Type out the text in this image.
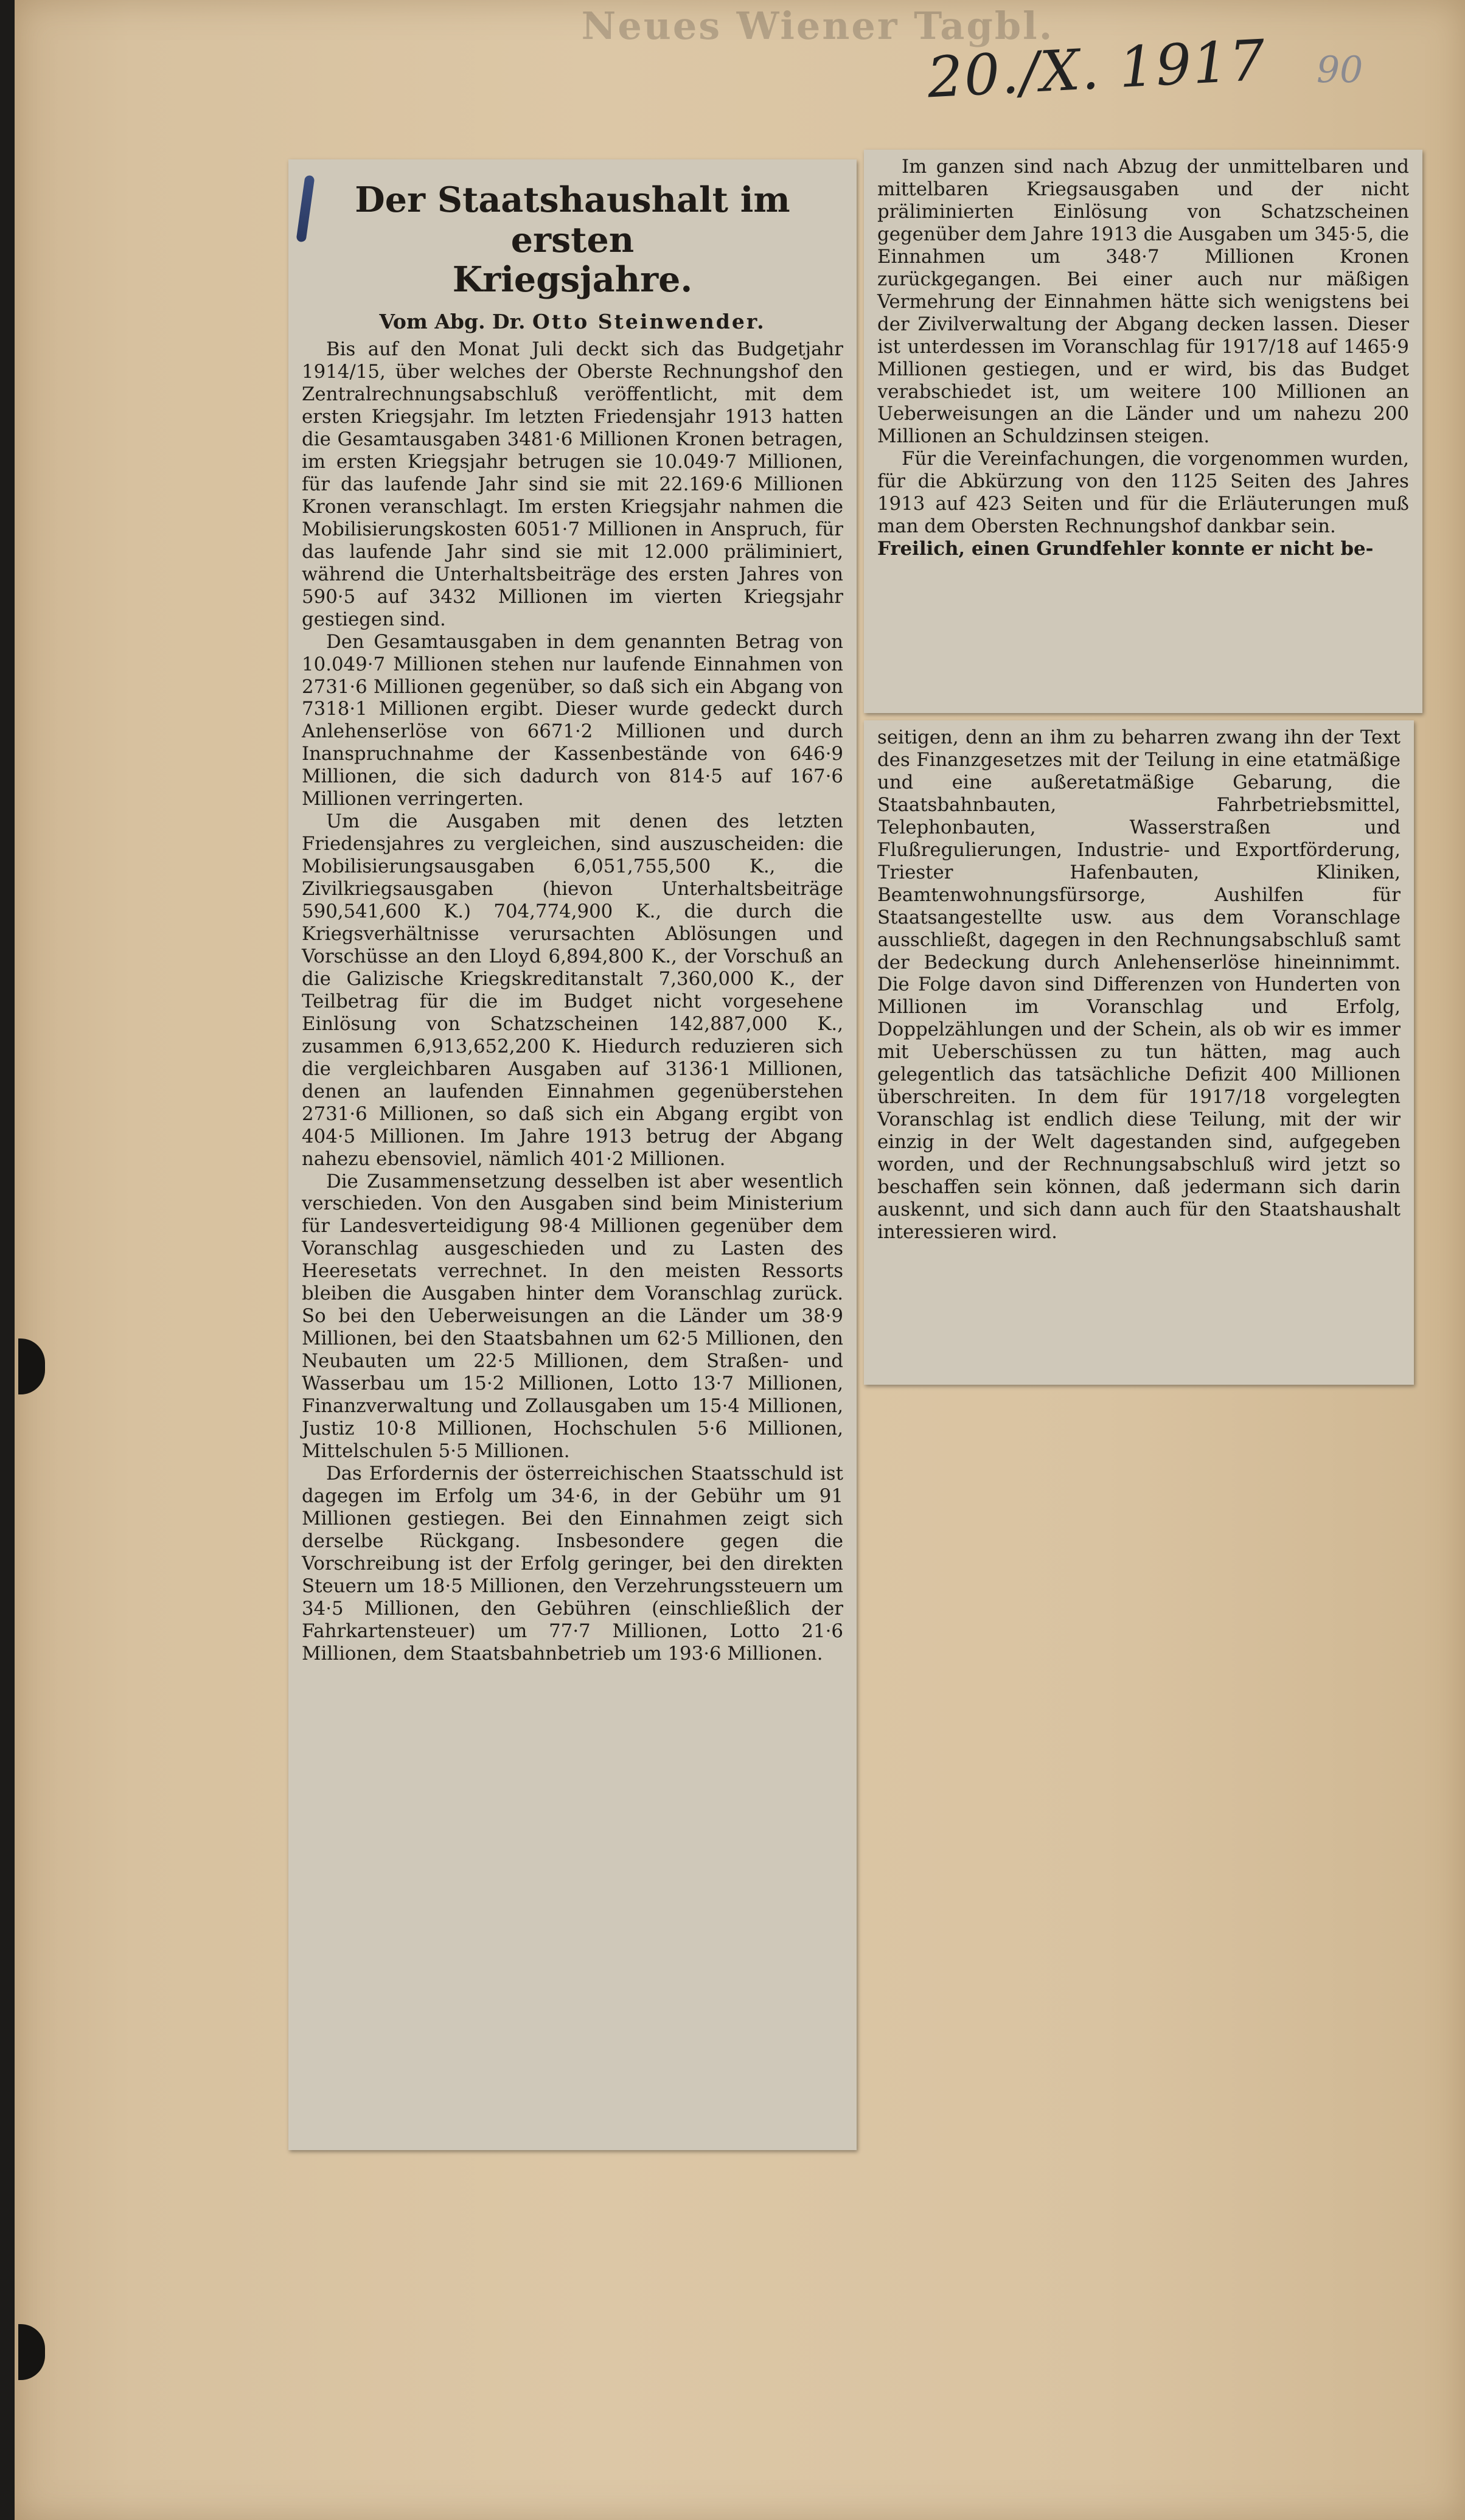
Neues Wiener Tagbl.
20./X. 1917 90
Der Staatshaushalt im ersten
Kriegsjahre.
Vom Abg. Dr. Otto Steinwender.

Bis auf den Monat Juli deckt sich das Budgetjahr 1914/15, über welches der Oberste Rechnungshof den Zentralrechnungsabschluß veröffentlicht, mit dem ersten Kriegsjahr. Im letzten Friedensjahr 1913 hatten die Gesamtausgaben 3481·6 Millionen Kronen betragen, im ersten Kriegsjahr betrugen sie 10.049·7 Millionen, für das laufende Jahr sind sie mit 22.169·6 Millionen Kronen veranschlagt. Im ersten Kriegsjahr nahmen die Mobilisierungskosten 6051·7 Millionen in Anspruch, für das laufende Jahr sind sie mit 12.000 präliminiert, während die Unterhaltsbeiträge des ersten Jahres von 590·5 auf 3432 Millionen im vierten Kriegsjahr gestiegen sind.

Den Gesamtausgaben in dem genannten Betrag von 10.049·7 Millionen stehen nur laufende Einnahmen von 2731·6 Millionen gegenüber, so daß sich ein Abgang von 7318·1 Millionen ergibt. Dieser wurde gedeckt durch Anlehenserlöse von 6671·2 Millionen und durch Inanspruchnahme der Kassenbestände von 646·9 Millionen, die sich dadurch von 814·5 auf 167·6 Millionen verringerten.

Um die Ausgaben mit denen des letzten Friedensjahres zu vergleichen, sind auszuscheiden: die Mobilisierungsausgaben 6,051,755,500 K., die Zivilkriegsausgaben (hievon Unterhaltsbeiträge 590,541,600 K.) 704,774,900 K., die durch die Kriegsverhältnisse verursachten Ablösungen und Vorschüsse an den Lloyd 6,894,800 K., der Vorschuß an die Galizische Kriegskreditanstalt 7,360,000 K., der Teilbetrag für die im Budget nicht vorgesehene Einlösung von Schatzscheinen 142,887,000 K., zusammen 6,913,652,200 K. Hiedurch reduzieren sich die vergleichbaren Ausgaben auf 3136·1 Millionen, denen an laufenden Einnahmen gegenüberstehen 2731·6 Millionen, so daß sich ein Abgang ergibt von 404·5 Millionen. Im Jahre 1913 betrug der Abgang nahezu ebensoviel, nämlich 401·2 Millionen.

Die Zusammensetzung desselben ist aber wesentlich verschieden. Von den Ausgaben sind beim Ministerium für Landesverteidigung 98·4 Millionen gegenüber dem Voranschlag ausgeschieden und zu Lasten des Heeresetats verrechnet. In den meisten Ressorts bleiben die Ausgaben hinter dem Voranschlag zurück. So bei den Ueberweisungen an die Länder um 38·9 Millionen, bei den Staatsbahnen um 62·5 Millionen, den Neubauten um 22·5 Millionen, dem Straßen- und Wasserbau um 15·2 Millionen, Lotto 13·7 Millionen, Finanzverwaltung und Zollausgaben um 15·4 Millionen, Justiz 10·8 Millionen, Hochschulen 5·6 Millionen, Mittelschulen 5·5 Millionen.

Das Erfordernis der österreichischen Staatsschuld ist dagegen im Erfolg um 34·6, in der Gebühr um 91 Millionen gestiegen. Bei den Einnahmen zeigt sich derselbe Rückgang. Insbesondere gegen die Vorschreibung ist der Erfolg geringer, bei den direkten Steuern um 18·5 Millionen, den Verzehrungssteuern um 34·5 Millionen, den Gebühren (einschließlich der Fahrkartensteuer) um 77·7 Millionen, Lotto 21·6 Millionen, dem Staatsbahnbetrieb um 193·6 Millionen.

Im ganzen sind nach Abzug der unmittelbaren und mittelbaren Kriegsausgaben und der nicht präliminierten Einlösung von Schatzscheinen gegenüber dem Jahre 1913 die Ausgaben um 345·5, die Einnahmen um 348·7 Millionen Kronen zurückgegangen. Bei einer auch nur mäßigen Vermehrung der Einnahmen hätte sich wenigstens bei der Zivilverwaltung der Abgang decken lassen. Dieser ist unterdessen im Voranschlag für 1917/18 auf 1465·9 Millionen gestiegen, und er wird, bis das Budget verabschiedet ist, um weitere 100 Millionen an Ueberweisungen an die Länder und um nahezu 200 Millionen an Schuldzinsen steigen.

Für die Vereinfachungen, die vorgenommen wurden, für die Abkürzung von den 1125 Seiten des Jahres 1913 auf 423 Seiten und für die Erläuterungen muß man dem Obersten Rechnungshof dankbar sein.

Freilich, einen Grundfehler konnte er nicht be-

seitigen, denn an ihm zu beharren zwang ihn der Text des Finanzgesetzes mit der Teilung in eine etatmäßige und eine außeretatmäßige Gebarung, die Staatsbahnbauten, Fahrbetriebsmittel, Telephonbauten, Wasserstraßen und Flußregulierungen, Industrie- und Exportförderung, Triester Hafenbauten, Kliniken, Beamtenwohnungsfürsorge, Aushilfen für Staatsangestellte usw. aus dem Voranschlage ausschließt, dagegen in den Rechnungsabschluß samt der Bedeckung durch Anlehenserlöse hineinnimmt. Die Folge davon sind Differenzen von Hunderten von Millionen im Voranschlag und Erfolg, Doppelzählungen und der Schein, als ob wir es immer mit Ueberschüssen zu tun hätten, mag auch gelegentlich das tatsächliche Defizit 400 Millionen überschreiten. In dem für 1917/18 vorgelegten Voranschlag ist endlich diese Teilung, mit der wir einzig in der Welt dagestanden sind, aufgegeben worden, und der Rechnungsabschluß wird jetzt so beschaffen sein können, daß jedermann sich darin auskennt, und sich dann auch für den Staatshaushalt interessieren wird.
